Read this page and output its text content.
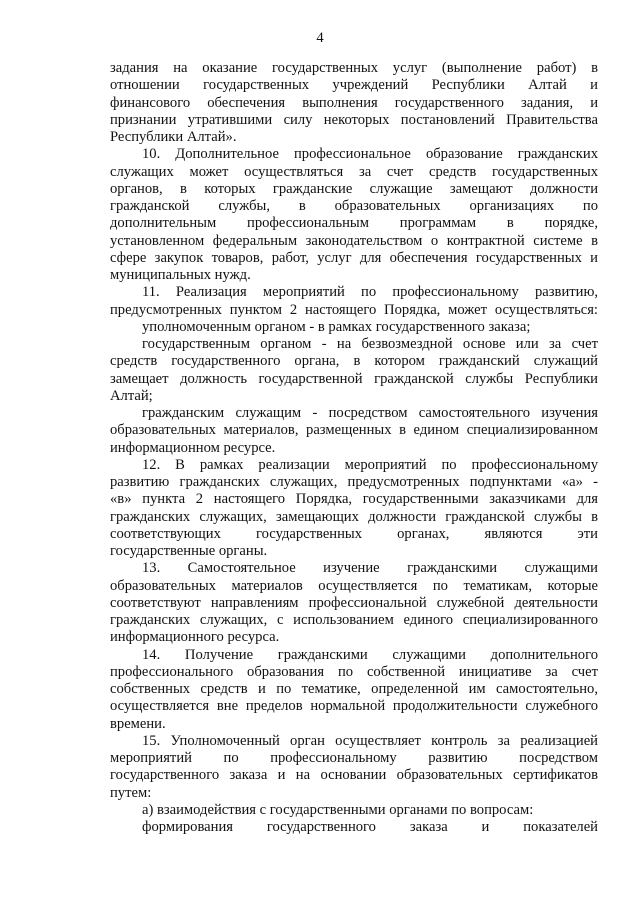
4
задания на оказание государственных услуг (выполнение работ) в
отношении государственных учреждений Республики Алтай и
финансового обеспечения выполнения государственного задания, и
признании утратившими силу некоторых постановлений Правительства
Республики Алтай».
10. Дополнительное профессиональное образование гражданских
служащих может осуществляться за счет средств государственных
органов, в которых гражданские служащие замещают должности
гражданской службы, в образовательных организациях по
дополнительным профессиональным программам в порядке,
установленном федеральным законодательством о контрактной системе в
сфере закупок товаров, работ, услуг для обеспечения государственных и
муниципальных нужд.
11. Реализация мероприятий по профессиональному развитию,
предусмотренных пунктом 2 настоящего Порядка, может осуществляться:
уполномоченным органом - в рамках государственного заказа;
государственным органом - на безвозмездной основе или за счет
средств государственного органа, в котором гражданский служащий
замещает должность государственной гражданской службы Республики
Алтай;
гражданским служащим - посредством самостоятельного изучения
образовательных материалов, размещенных в едином специализированном
информационном ресурсе.
12. В рамках реализации мероприятий по профессиональному
развитию гражданских служащих, предусмотренных подпунктами «а» -
«в» пункта 2 настоящего Порядка, государственными заказчиками для
гражданских служащих, замещающих должности гражданской службы в
соответствующих государственных органах, являются эти
государственные органы.
13. Самостоятельное изучение гражданскими служащими
образовательных материалов осуществляется по тематикам, которые
соответствуют направлениям профессиональной служебной деятельности
гражданских служащих, с использованием единого специализированного
информационного ресурса.
14. Получение гражданскими служащими дополнительного
профессионального образования по собственной инициативе за счет
собственных средств и по тематике, определенной им самостоятельно,
осуществляется вне пределов нормальной продолжительности служебного
времени.
15. Уполномоченный орган осуществляет контроль за реализацией
мероприятий по профессиональному развитию посредством
государственного заказа и на основании образовательных сертификатов
путем:
а) взаимодействия с государственными органами по вопросам:
формирования государственного заказа и показателей
